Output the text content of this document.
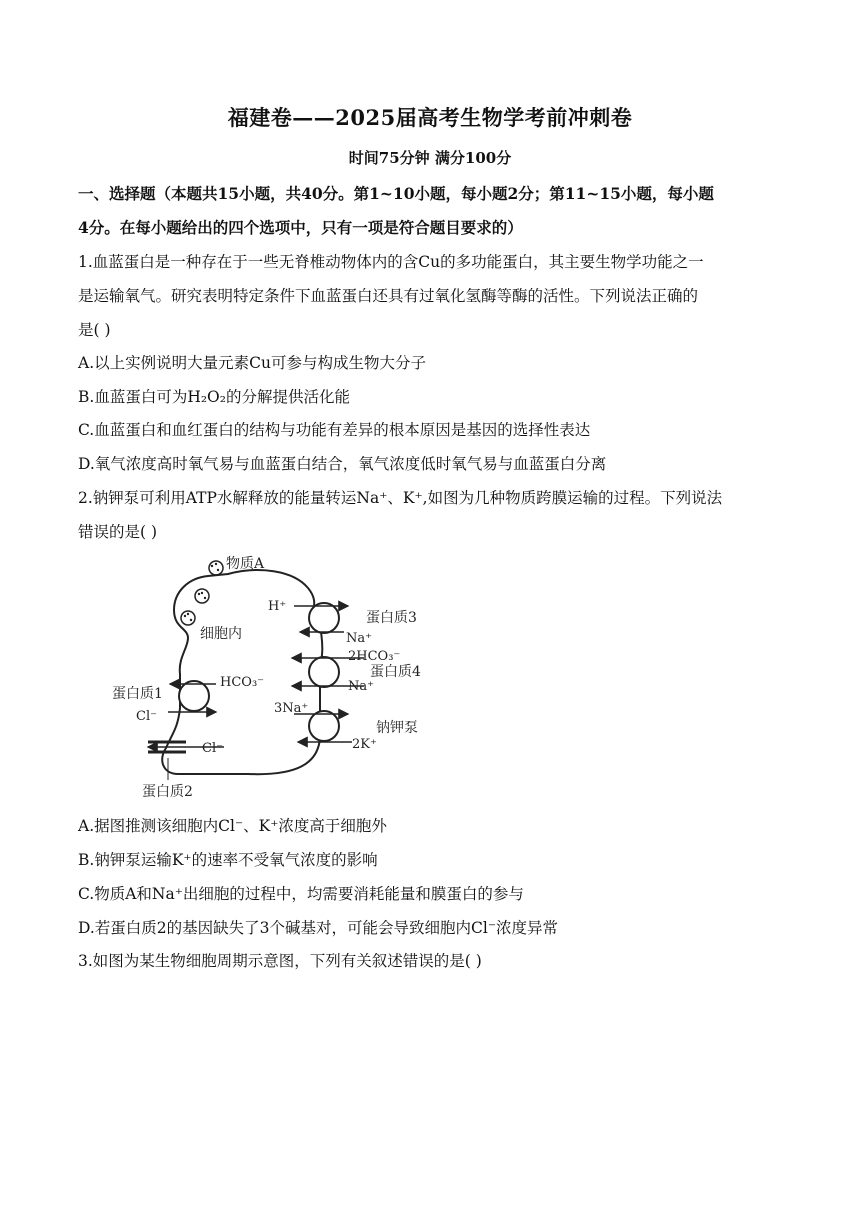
福建卷——2025届高考生物学考前冲刺卷
时间75分钟 满分100分
一、选择题（本题共15小题，共40分。第1~10小题，每小题2分；第11~15小题，每小题
4分。在每小题给出的四个选项中，只有一项是符合题目要求的）
1.血蓝蛋白是一种存在于一些无脊椎动物体内的含Cu的多功能蛋白，其主要生物学功能之一
是运输氧气。研究表明特定条件下血蓝蛋白还具有过氧化氢酶等酶的活性。下列说法正确的
是( )
A.以上实例说明大量元素Cu可参与构成生物大分子
B.血蓝蛋白可为H₂O₂的分解提供活化能
C.血蓝蛋白和血红蛋白的结构与功能有差异的根本原因是基因的选择性表达
D.氧气浓度高时氧气易与血蓝蛋白结合，氧气浓度低时氧气易与血蓝蛋白分离
2.钠钾泵可利用ATP水解释放的能量转运Na⁺、K⁺,如图为几种物质跨膜运输的过程。下列说法
错误的是( )
物质A
细胞内
H⁺
Na⁺
蛋白质3
2HCO₃⁻
Na⁺
蛋白质4
3Na⁺
2K⁺
钠钾泵
HCO₃⁻
蛋白质1
Cl⁻
Cl⁻
蛋白质2
A.据图推测该细胞内Cl⁻、K⁺浓度高于细胞外
B.钠钾泵运输K⁺的速率不受氧气浓度的影响
C.物质A和Na⁺出细胞的过程中，均需要消耗能量和膜蛋白的参与
D.若蛋白质2的基因缺失了3个碱基对，可能会导致细胞内Cl⁻浓度异常
3.如图为某生物细胞周期示意图，下列有关叙述错误的是( )
